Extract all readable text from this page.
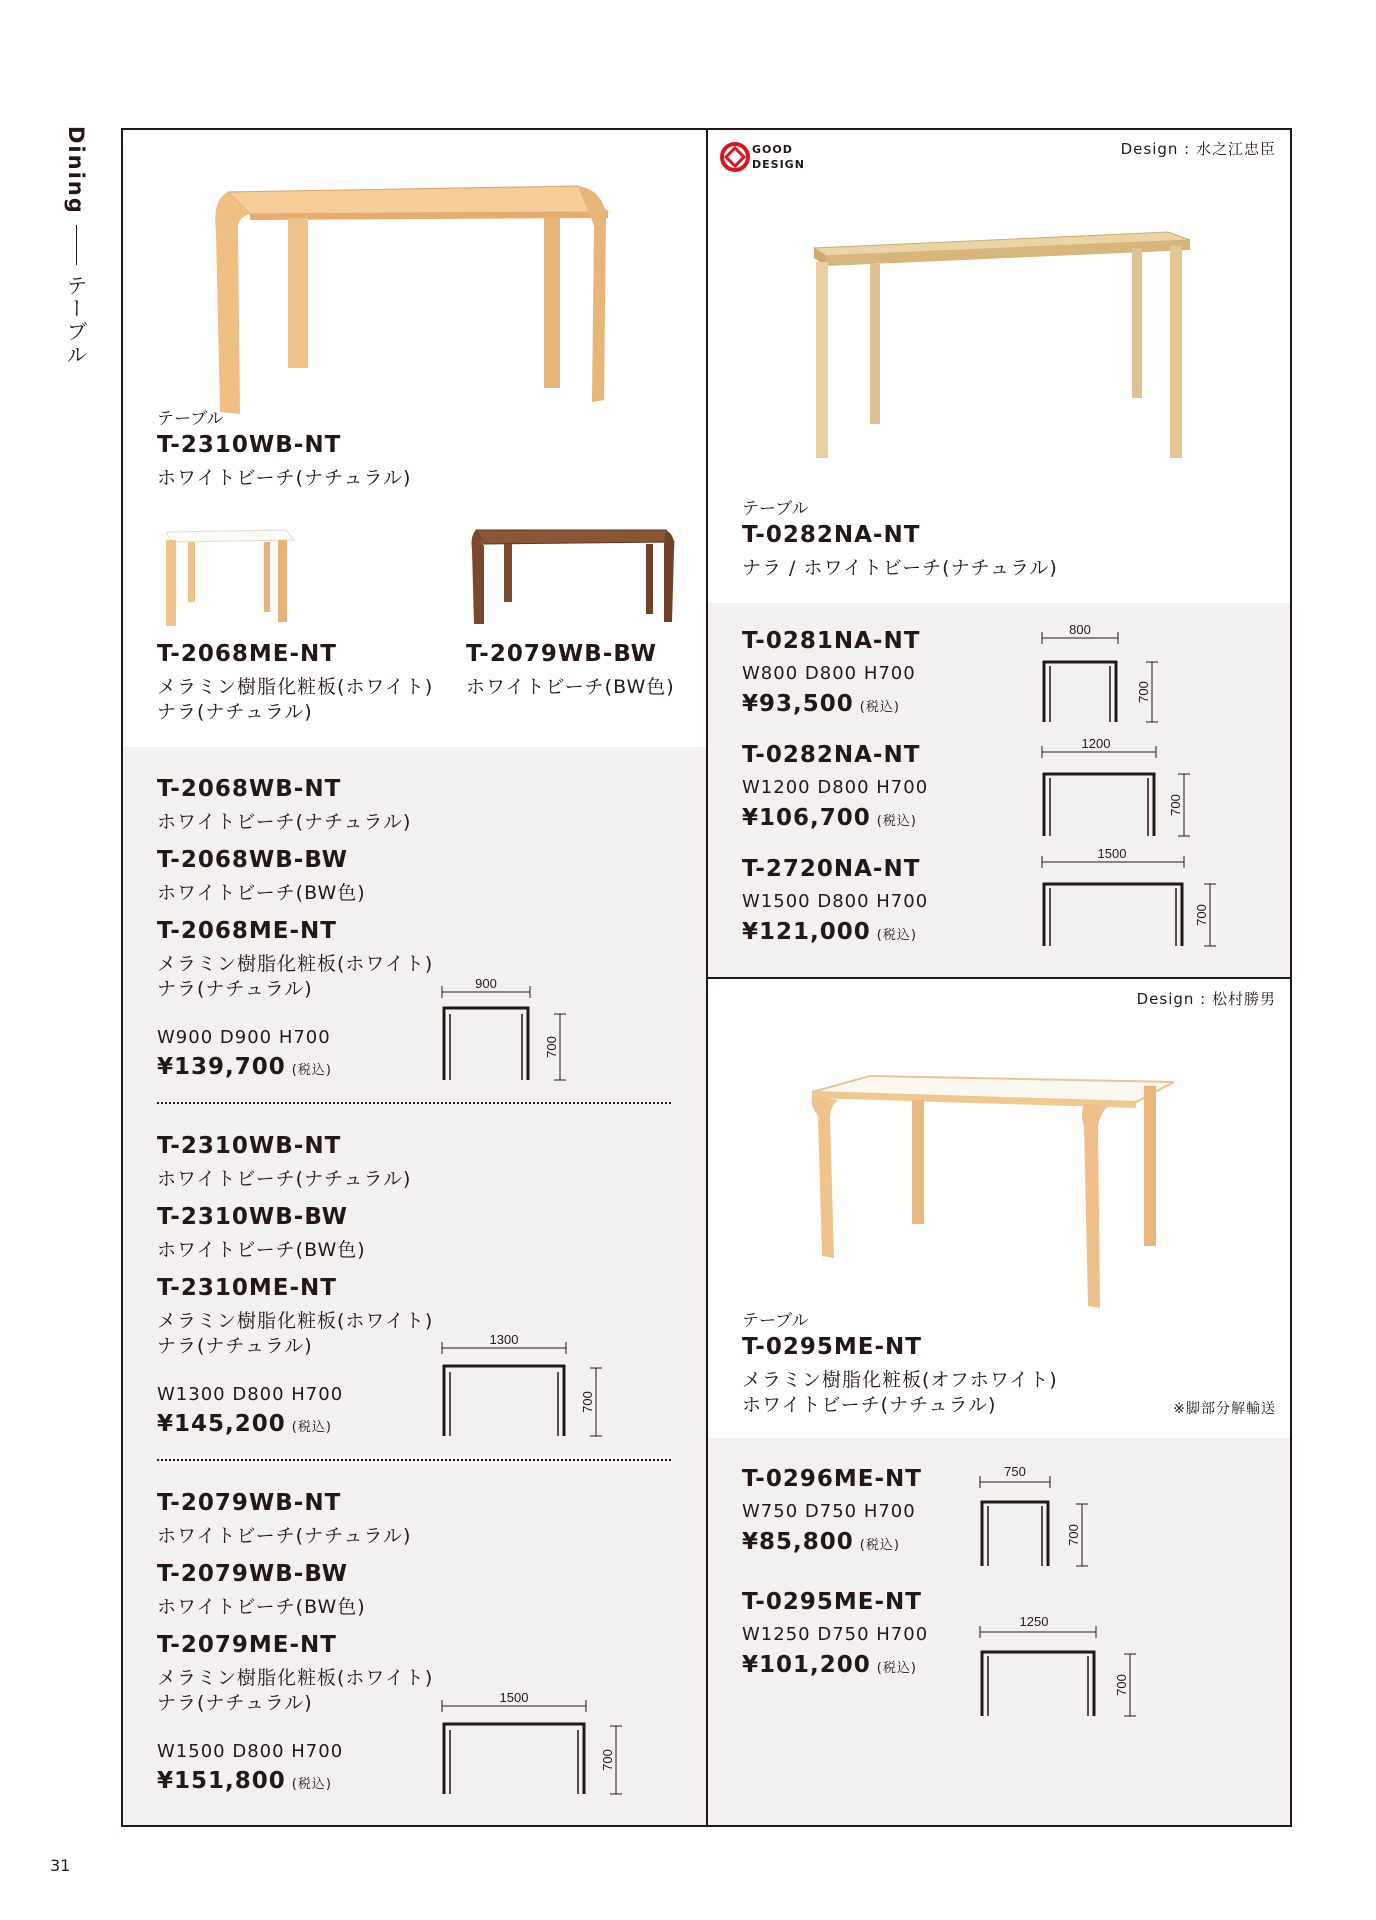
Diningテーブル
31
テーブル
T-2310WB-NT
ホワイトビーチ(ナチュラル)
T-2068ME-NT
メラミン樹脂化粧板(ホワイト)
ナラ(ナチュラル)
T-2079WB-BW
ホワイトビーチ(BW色)
T-2068WB-NT
ホワイトビーチ(ナチュラル)
T-2068WB-BW
ホワイトビーチ(BW色)
T-2068ME-NT
メラミン樹脂化粧板(ホワイト)
ナラ(ナチュラル)
W900 D900 H700
¥139,700 (税込)
900
700
T-2310WB-NT
ホワイトビーチ(ナチュラル)
T-2310WB-BW
ホワイトビーチ(BW色)
T-2310ME-NT
メラミン樹脂化粧板(ホワイト)
ナラ(ナチュラル)
W1300 D800 H700
¥145,200 (税込)
1300
700
T-2079WB-NT
ホワイトビーチ(ナチュラル)
T-2079WB-BW
ホワイトビーチ(BW色)
T-2079ME-NT
メラミン樹脂化粧板(ホワイト)
ナラ(ナチュラル)
W1500 D800 H700
¥151,800 (税込)
1500
700
GOOD
DESIGN
Design : 水之江忠臣
テーブル
T-0282NA-NT
ナラ / ホワイトビーチ(ナチュラル)
T-0281NA-NT
W800 D800 H700
¥93,500 (税込)
800
700
T-0282NA-NT
W1200 D800 H700
¥106,700 (税込)
1200
700
T-2720NA-NT
W1500 D800 H700
¥121,000 (税込)
1500
700
Design : 松村勝男
テーブル
T-0295ME-NT
メラミン樹脂化粧板(オフホワイト)
ホワイトビーチ(ナチュラル)	※脚部分解輸送
T-0296ME-NT
W750 D750 H700
¥85,800 (税込)
750
700
T-0295ME-NT
W1250 D750 H700
¥101,200 (税込)
1250
700
